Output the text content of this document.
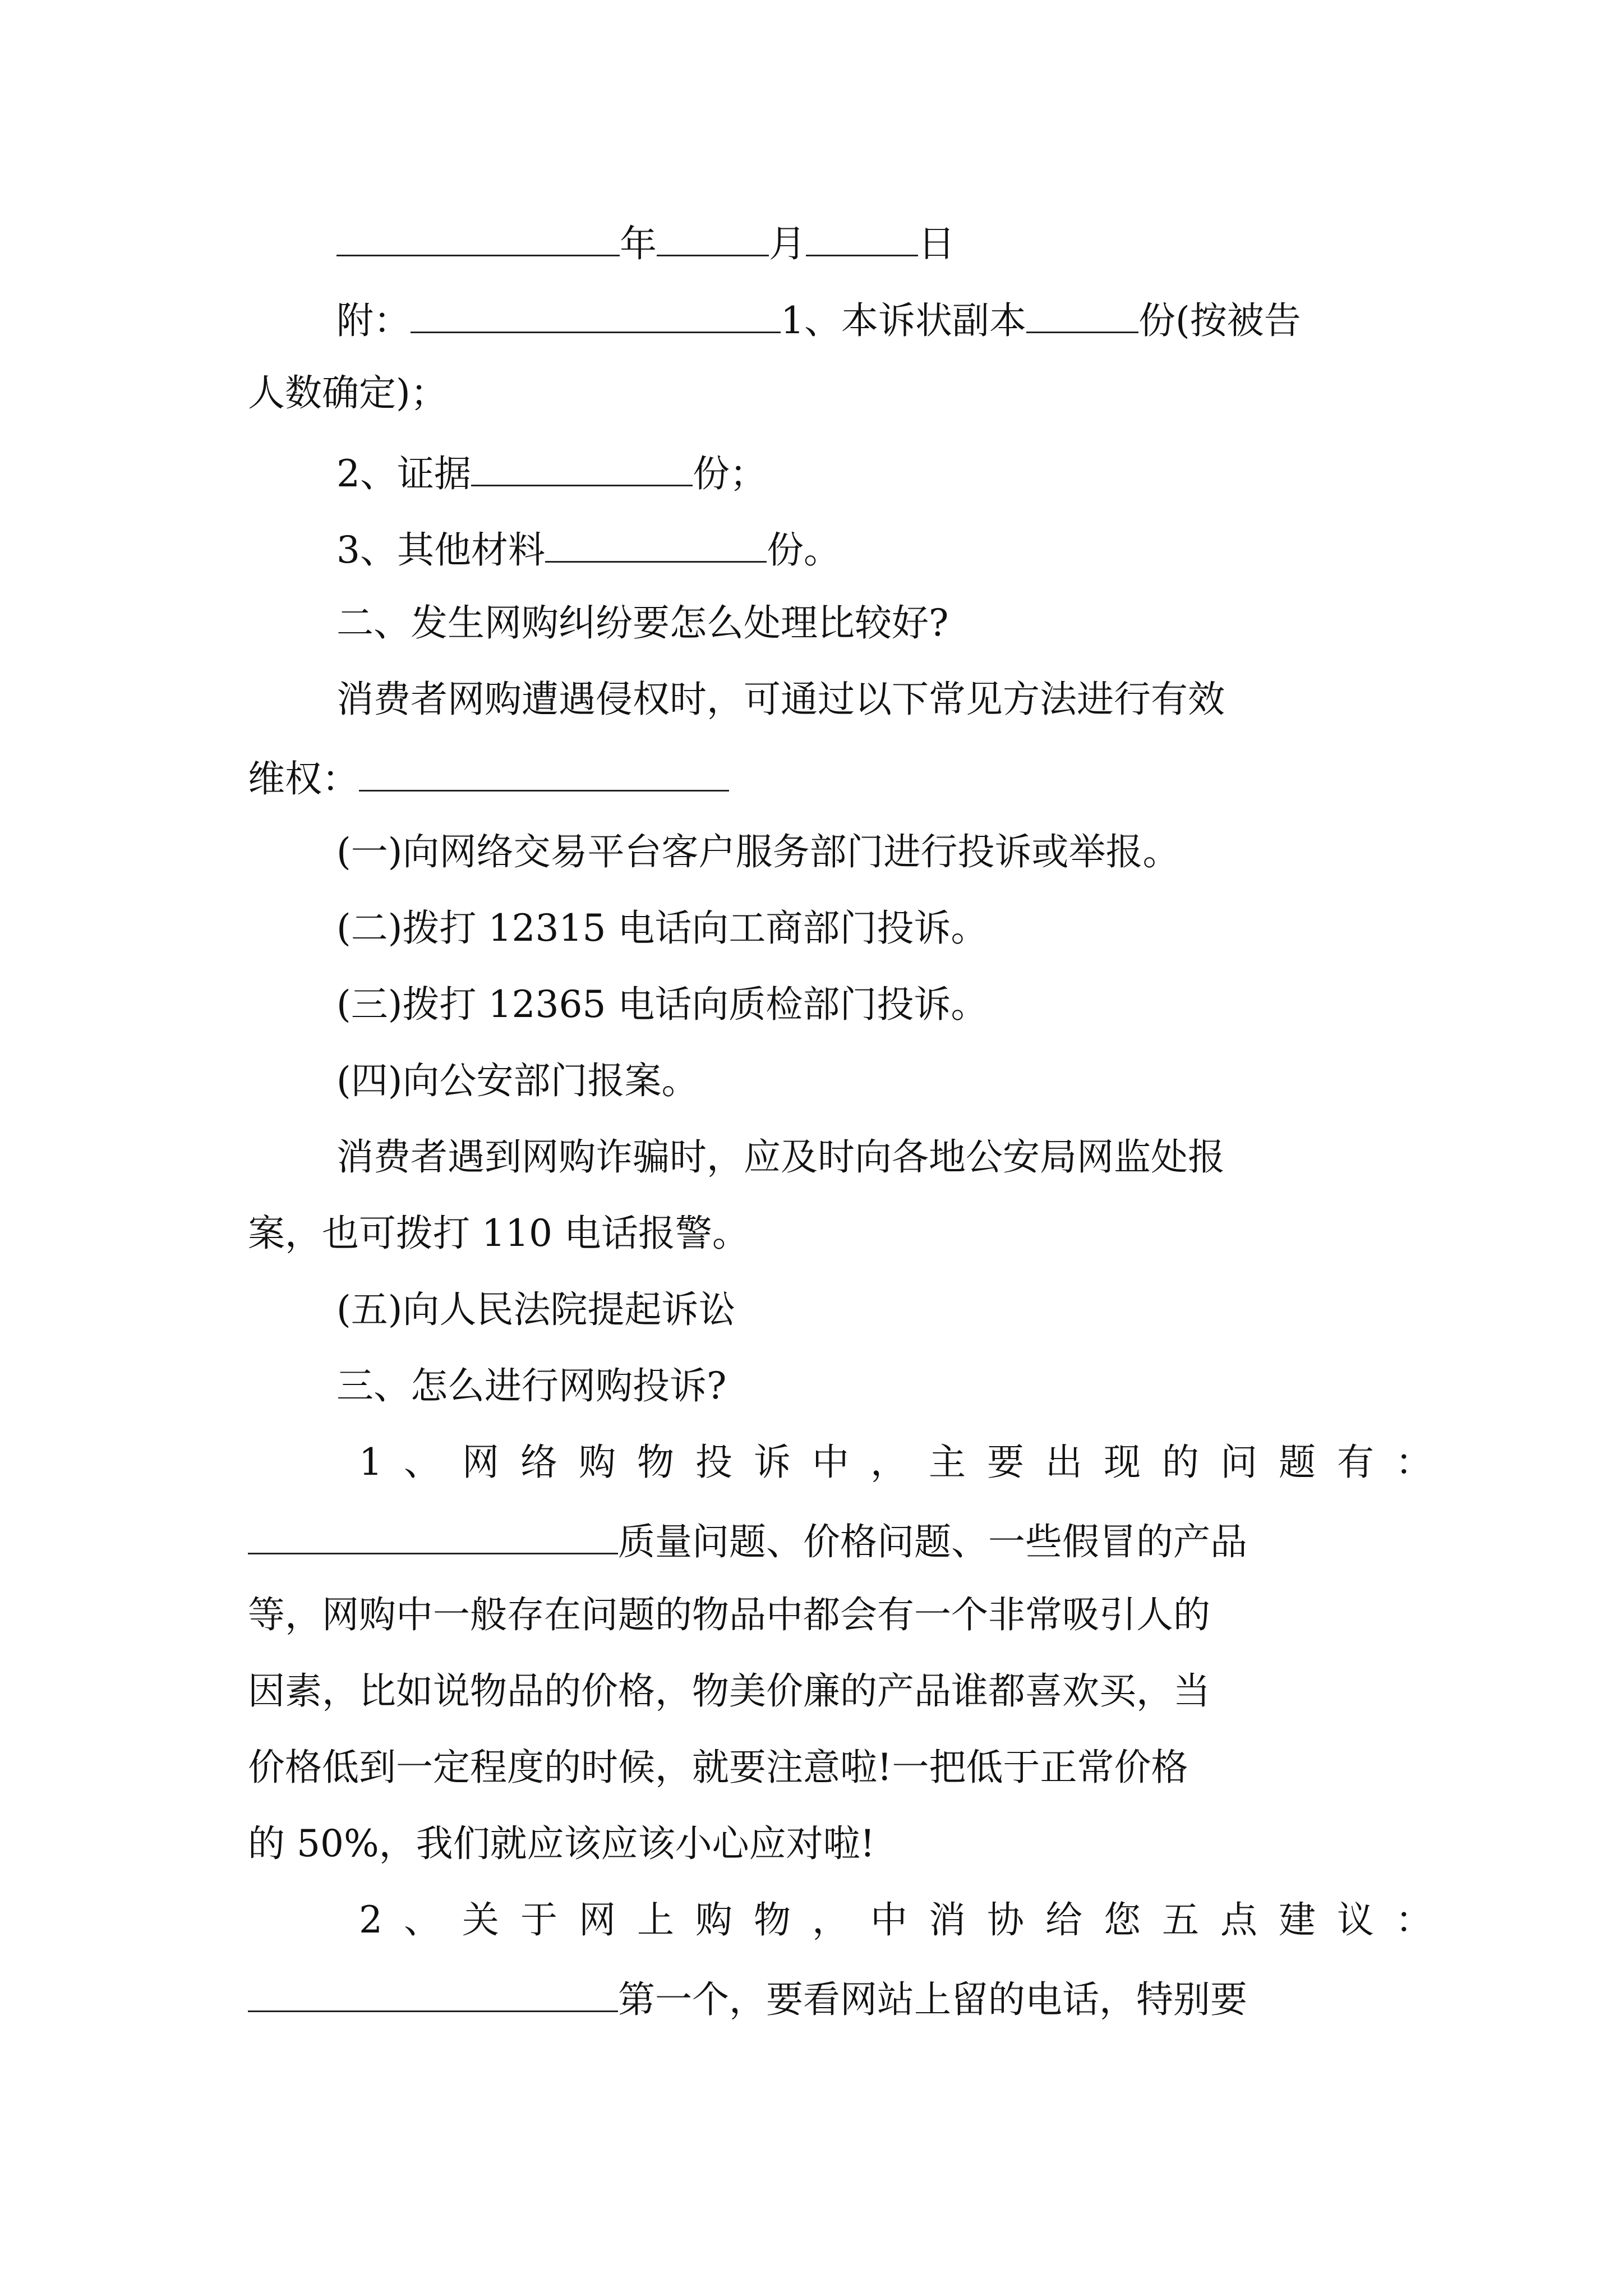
年	月	日
附：	1、本诉状副本	份(按被告
人数确定)；
2、证据	份；
3、其他材料	份。
二、发生网购纠纷要怎么处理比较好?
消费者网购遭遇侵权时，可通过以下常见方法进行有效
维权：
(一)向网络交易平台客户服务部门进行投诉或举报。
(二)拨打 12315 电话向工商部门投诉。
(三)拨打 12365 电话向质检部门投诉。
(四)向公安部门报案。
消费者遇到网购诈骗时，应及时向各地公安局网监处报
案，也可拨打 110 电话报警。
(五)向人民法院提起诉讼
三、怎么进行网购投诉?
1、网络购物投诉中，主要出现的问题有：
质量问题、价格问题、一些假冒的产品
等，网购中一般存在问题的物品中都会有一个非常吸引人的
因素，比如说物品的价格，物美价廉的产品谁都喜欢买，当
价格低到一定程度的时候，就要注意啦!一把低于正常价格
的 50%，我们就应该应该小心应对啦!
2、关于网上购物，中消协给您五点建议：
第一个，要看网站上留的电话，特别要
